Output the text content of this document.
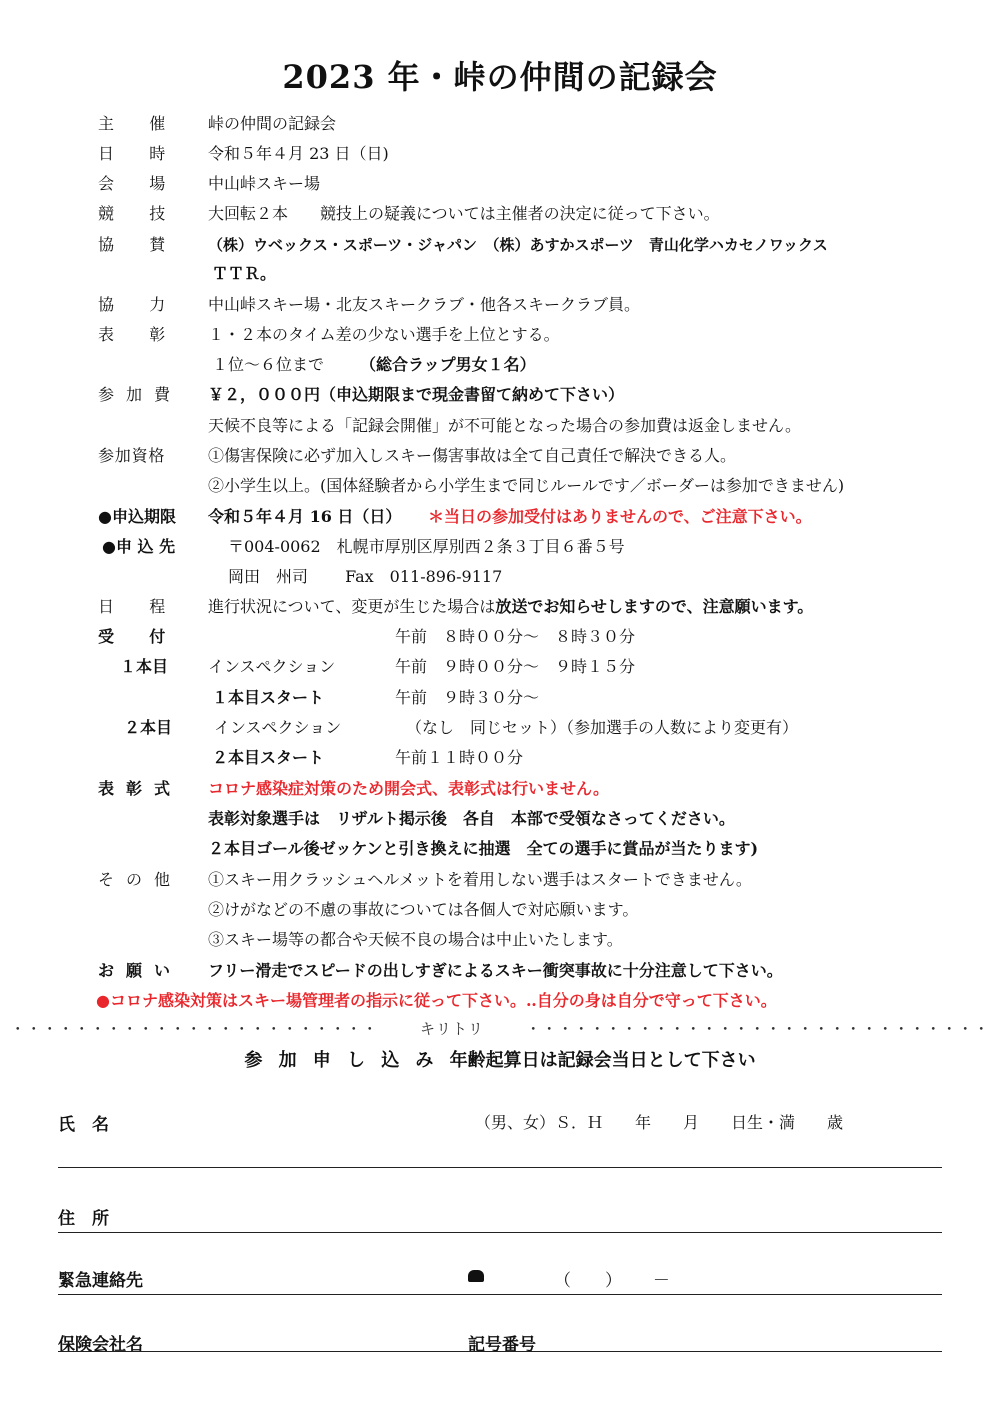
2023 年・峠の仲間の記録会
主催 峠の仲間の記録会
日時 令和５年４月 23 日（日)
会場 中山峠スキー場
競技 大回転２本　　競技上の疑義については主催者の決定に従って下さい。
協賛 （株）ウベックス・スポーツ・ジャパン　（株）あすかスポーツ　青山化学ハカセノワックス
ＴＴＲ。
協力 中山峠スキー場・北友スキークラブ・他各スキークラブ員。
表彰 １・２本のタイム差の少ない選手を上位とする。
１位～６位まで （総合ラップ男女１名）
参加費	￥２，０００円（申込期限まで現金書留て納めて下さい）
天候不良等による「記録会開催」が不可能となった場合の参加費は返金しません。
参加資格	①傷害保険に必ず加入しスキー傷害事故は全て自己責任で解決できる人。
②小学生以上。(国体経験者から小学生まで同じルールです／ボーダーは参加できません)
●申込期限	令和５年４月 16 日（日） ＊当日の参加受付はありませんので、ご注意下さい。
●申 込 先	〒004-0062　札幌市厚別区厚別西２条３丁目６番５号
岡田　州司　　 Fax　011-896-9117
日程 進行状況について、変更が生じた場合は放送でお知らせしますので、注意願います。
受付	午前　８時００分～　８時３０分
１本目	インスペクション	午前　９時００分～　９時１５分
１本目スタート	午前　９時３０分～
２本目	インスペクション	（なし　同じセット）（参加選手の人数により変更有）
２本目スタート	午前１１時００分
表彰式	コロナ感染症対策のため開会式、表彰式は行いません。
表彰対象選手は　リザルト掲示後　各自　本部で受領なさってください。
２本目ゴール後ゼッケンと引き換えに抽選　全ての選手に賞品が当たります)
その他	①スキー用クラッシュヘルメットを着用しない選手はスタートできません。
②けがなどの不慮の事故については各個人で対応願います。
③スキー場等の都合や天候不良の場合は中止いたします。
お願い	フリー滑走でスピードの出しすぎによるスキー衝突事故に十分注意して下さい。
●コロナ感染対策はスキー場管理者の指示に従って下さい。‥自分の身は自分で守って下さい。
・・・・・・・・・・・・・・・・・・・・・・・	キリトリ	・・・・・・・・・・・・・・・・・・・・・・・・・・・・・
参加申し込み年齢起算日は記録会当日として下さい
氏　名	（男、女）Ｓ．Ｈ　　年　　月　　日生・満　　歳
住　所
緊急連絡先	（　　）　　 －
保険会社名	記号番号
